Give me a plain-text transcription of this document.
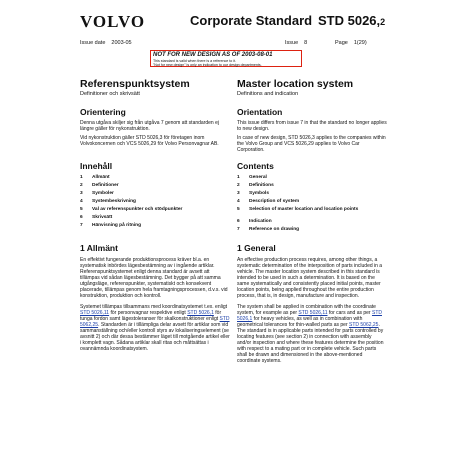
VOLVO	Corporate Standard STD 5026,2
Issue date 2003-05	Issue 8	Page 1(29)
NOT FOR NEW DESIGN AS OF 2003-08-01
This standard is valid when there is a reference to it.
"Not for new design" is only an indication to our design departments.
Referenspunktsystem
Definitioner och skrivsätt
Orientering

Denna utgåva skiljer sig från utgåva 7 genom att standarden ej längre gäller för nykonstruktion.

Vid nykonstruktion gäller STD 5026,3 för företagen inom Volvokoncernen och VCS 5026,29 för Volvo Personvagnar AB.

Innehåll
1	Allmänt
2	Definitioner
3	Symboler
4	Systembeskrivning
5	Val av referenspunkter och stödpunkter
6	Skrivsätt
7	Hänvisning på ritning
1 Allmänt

En effektivt fungerande produktionsprocess kräver bl.a. en systematisk inbördes lägesbestämning av i ingående artiklar. Referenspunktsystemet enligt denna standard är avsett att tillämpas vid sådan lägesbestämning. Det bygger på att samma utgångsläge, referenspunkter, systematiskt och konsekvent placerade, tillämpas genom hela framtagningsprocessen, d.v.s. vid konstruktion, produktion och kontroll.

Systemet tillämpas tillsammans med koordinatsystemet t.ex. enligt STD 5026,11 för personvagnar respektive enligt STD 5026,1 för tunga fordon samt lägestoleranser för skalkonstruktioner enligt STD 5062,25. Standarden är i tillämpliga delar avsett för artiklar som vid sammanställning och/eller kontroll styrs av lokaliseringselement (se avsnitt 2) och där dessa bestämmer läget till motgående artikel eller i komplett vagn. Sådana artiklar skall ritas och måttsättas i ovannämnda koordinatsystem.

Master location system
Definitions and indication
Orientation

This issue differs from issue 7 in that the standard no longer applies to new design.

In case of new design, STD 5026,3 applies to the companies within the Volvo Group and VCS 5026,29 applies to Volvo Car Corporation.

Contents
1	General
2	Definitions
3	Symbols
4	Description of system
5	Selection of master location and location points
6	Indication
7	Reference on drawing
1 General

An effective production process requires, among other things, a systematic determination of the interposition of parts included in a vehicle. The master location system described in this standard is intended to be used in such a determination. It is based on the same systematically and consistently placed initial points, master location points, being applied throughout the entire production process, that is, in design, manufacture and inspection.

The system shall be applied in combination with the coordinate system, for example as per STD 5026,11 for cars and as per STD 5026,1 for heavy vehicles, as well as in combination with geometrical tolerances for thin-walled parts as per STD 5062,25. The standard is in applicable parts intended for parts controlled by locating features (see section 2) in connection with assembly and/or inspection and where these features determine the position with respect to a mating part or in complete vehicle. Such parts shall be drawn and dimensioned in the above-mentioned coordinate systems.
